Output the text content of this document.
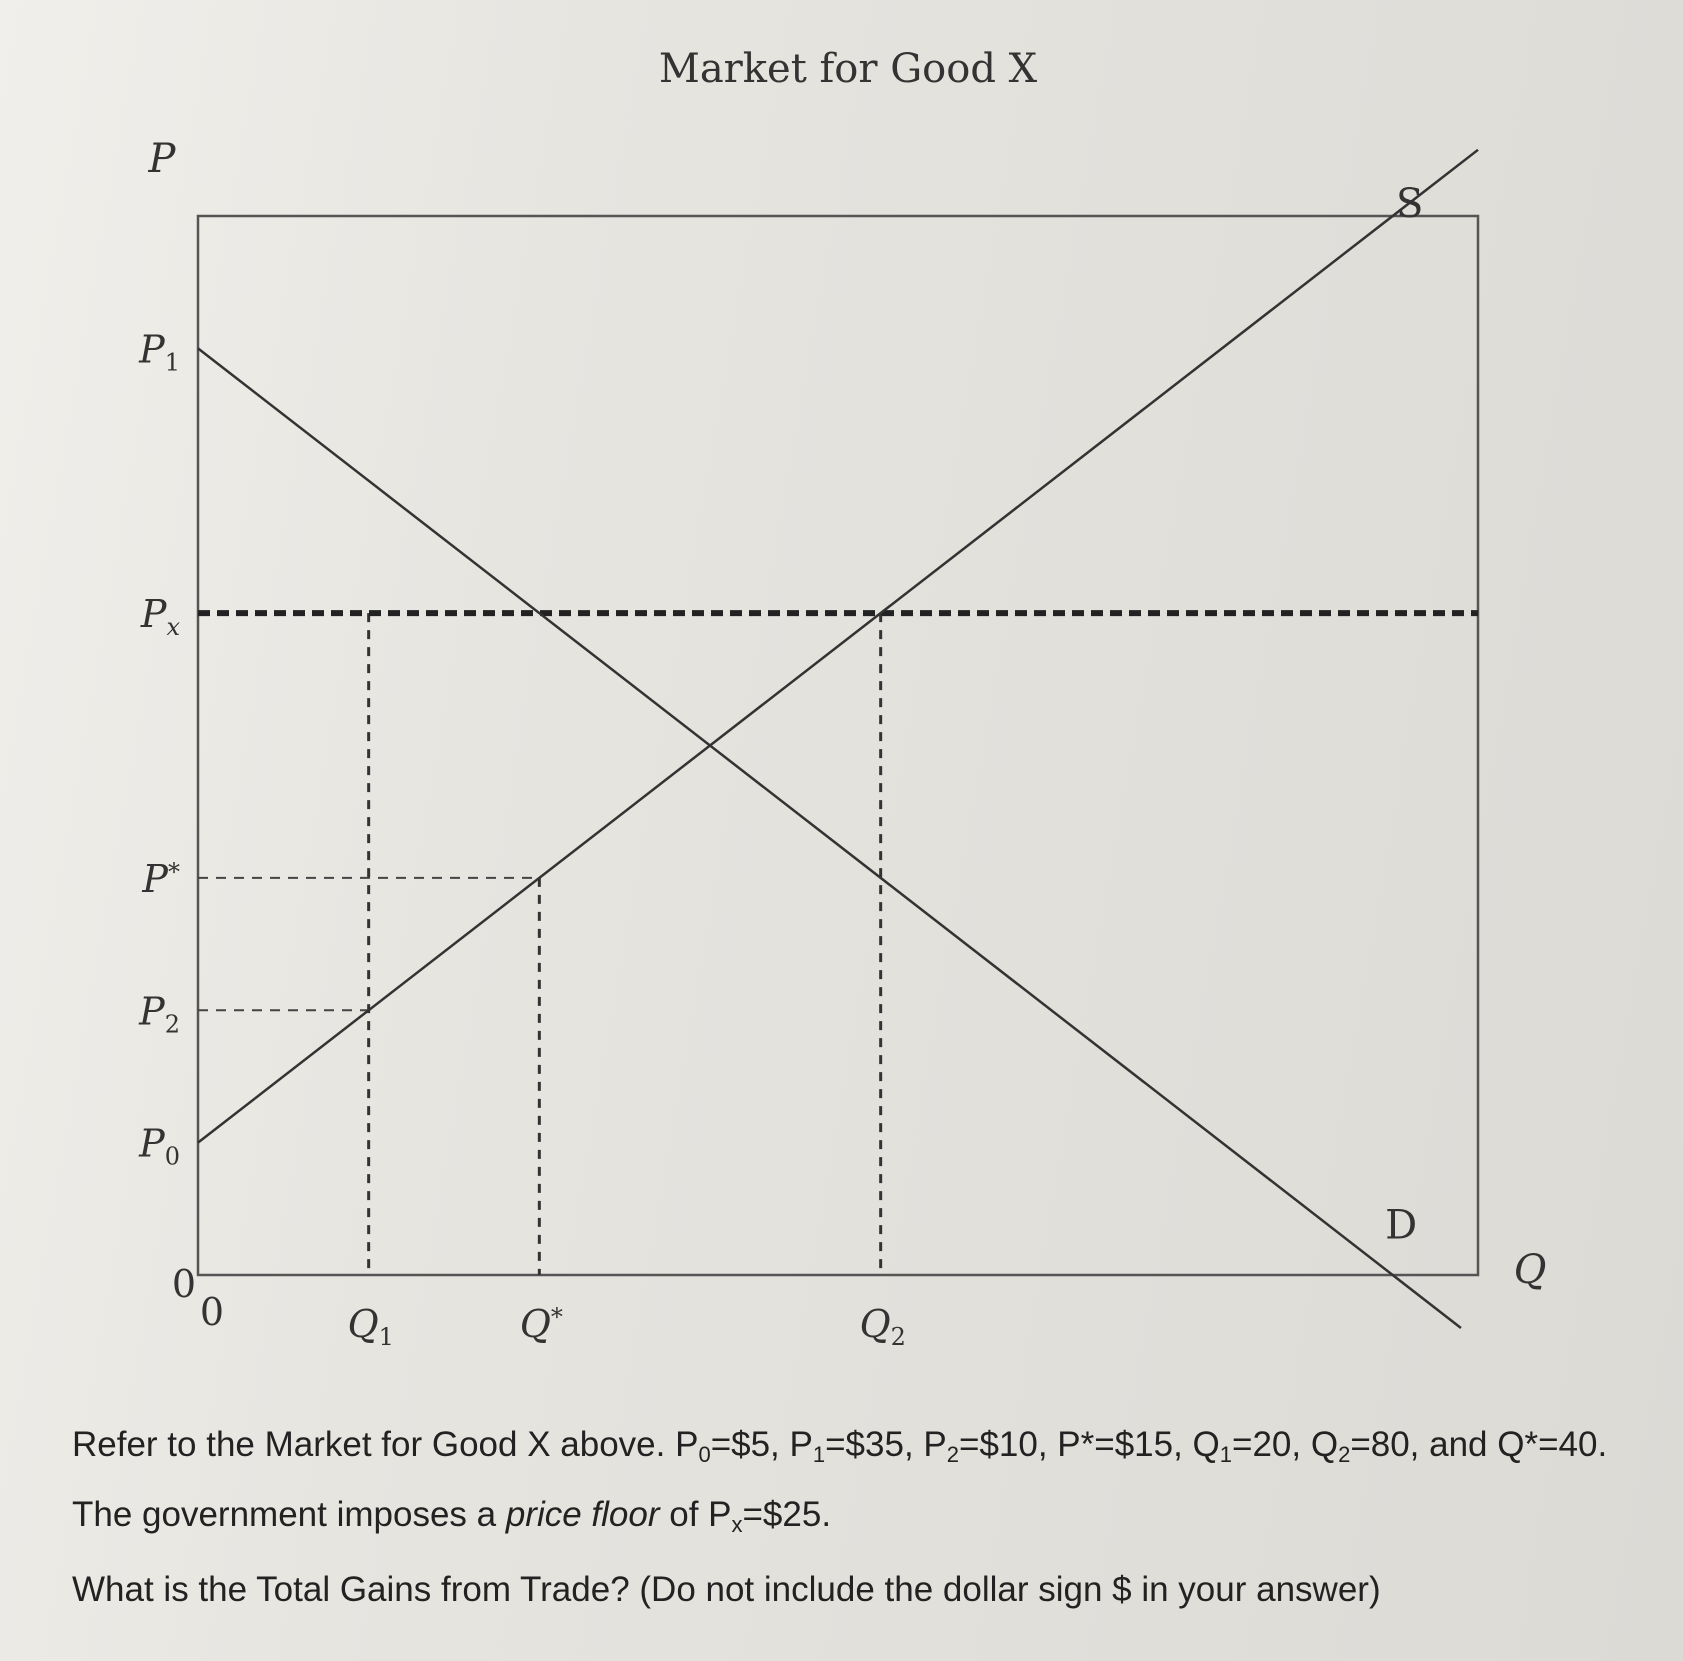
Market for Good X
P
Q
S
D
$P_1$
$P_x$
P*
$P_2$
$P_0$
$Q_1$	Q*	$Q_2$
0
0
Refer to the Market for Good X above. $P_0=\$5$, $P_1=\$35$, $P_2=\$10$, P*=$15, $Q_1=20$, $Q_2=80$, and Q*=40. The government imposes a price floor of $P_x=\$25$.
What is the Total Gains from Trade? (Do not include the dollar sign $ in your answer)
